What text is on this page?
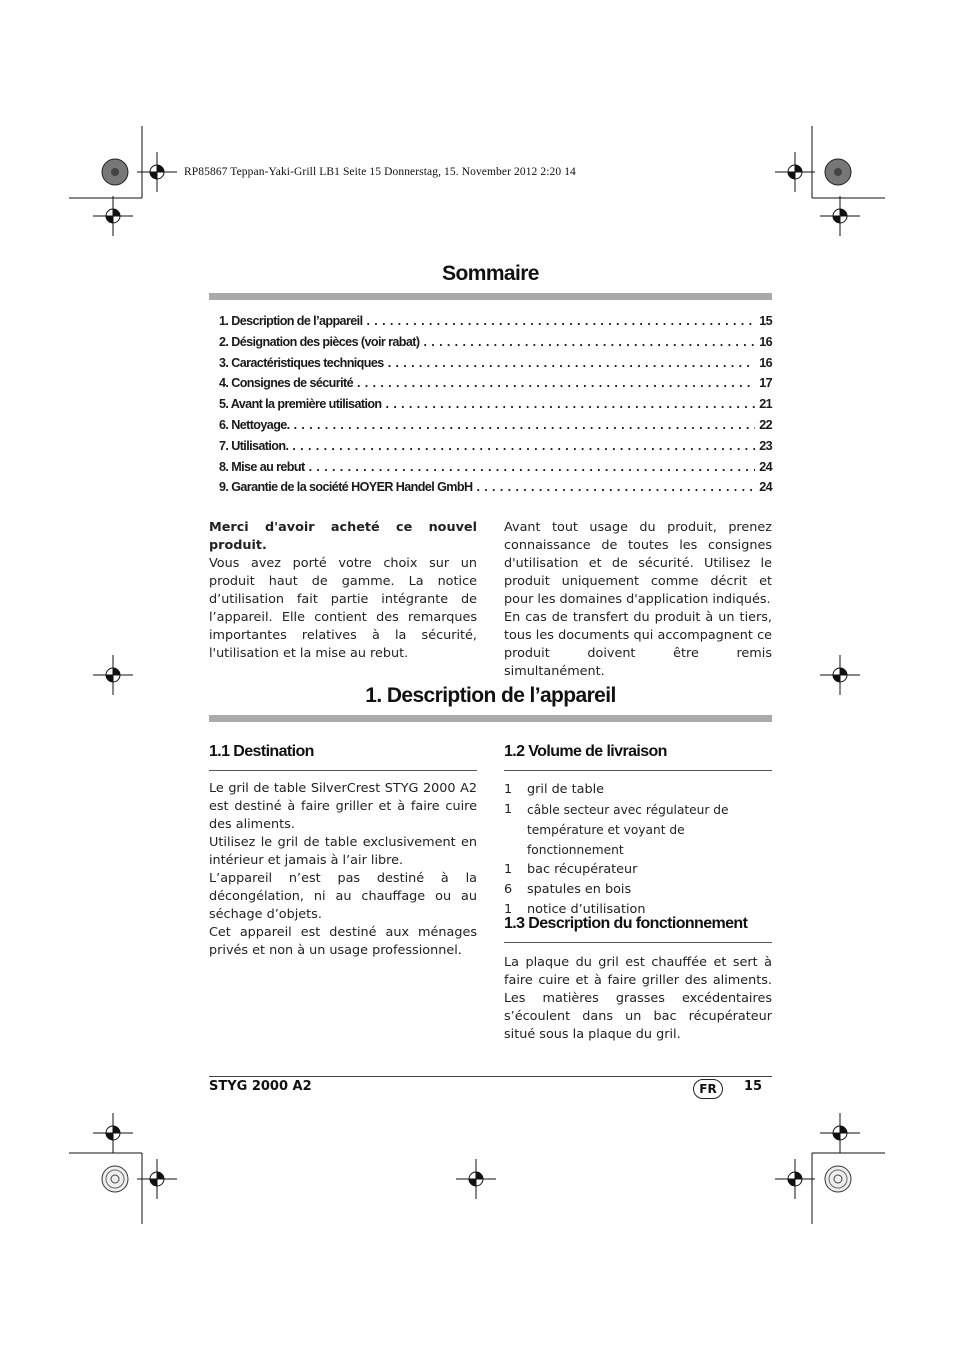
RP85867 Teppan-Yaki-Grill LB1 Seite 15 Donnerstag, 15. November 2012 2:20 14
Sommaire
1. Description de l’appareil . . .	15
2. Désignation des pièces (voir rabat) . . .	16
3. Caractéristiques techniques . . .	16
4. Consignes de sécurité . . .	17
5. Avant la première utilisation . . .	21
6. Nettoyage. . . .	22
7. Utilisation. . . .	23
8. Mise au rebut . . .	24
9. Garantie de la société HOYER Handel GmbH . . .	24

Merci d'avoir acheté ce nouvel produit.

Vous avez porté votre choix sur un produit haut de gamme. La notice d’utilisation fait partie intégrante de l’appareil. Elle contient des remarques importantes relatives à la sécurité, l'utilisation et la mise au rebut.

Avant tout usage du produit, prenez connaissance de toutes les consignes d'utilisation et de sécurité. Utilisez le produit uniquement comme décrit et pour les domaines d'application indiqués.

En cas de transfert du produit à un tiers, tous les documents qui accompagnent ce produit doivent être remis simultanément.

1. Description de l’appareil
1.1 Destination

Le gril de table SilverCrest STYG 2000 A2 est destiné à faire griller et à faire cuire des aliments.

Utilisez le gril de table exclusivement en intérieur et jamais à l’air libre.

L’appareil n’est pas destiné à la décongélation, ni au chauffage ou au séchage d’objets.

Cet appareil est destiné aux ménages privés et non à un usage professionnel.

1.2 Volume de livraison
1	gril de table
1	câble secteur avec régulateur de température et voyant de fonctionnement
1	bac récupérateur
6	spatules en bois
1	notice d’utilisation
1.3 Description du fonctionnement

La plaque du gril est chauffée et sert à faire cuire et à faire griller des aliments. Les matières grasses excédentaires s’écoulent dans un bac récupérateur situé sous la plaque du gril.

STYG 2000 A2	FR	15
